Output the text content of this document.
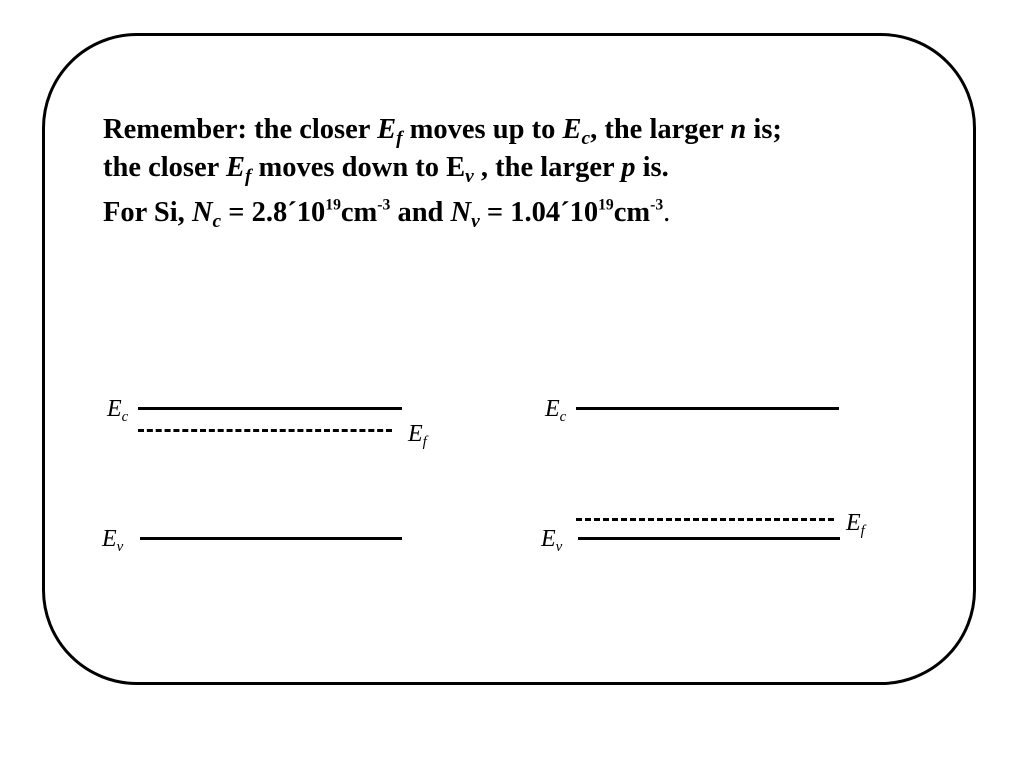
Remember: the closer $E_f$ moves up to $E_c$, the larger n is;
the closer $E_f$ moves down to $E_v$ , the larger p is.
For Si, $N_c$ = $2.8´10^{19}cm^{-3}$ and $N_v$ = $1.04´10^{19}cm^{-3}$.
$E_c$
$E_f$
$E_v$
$E_c$
$E_f$
$E_v$
